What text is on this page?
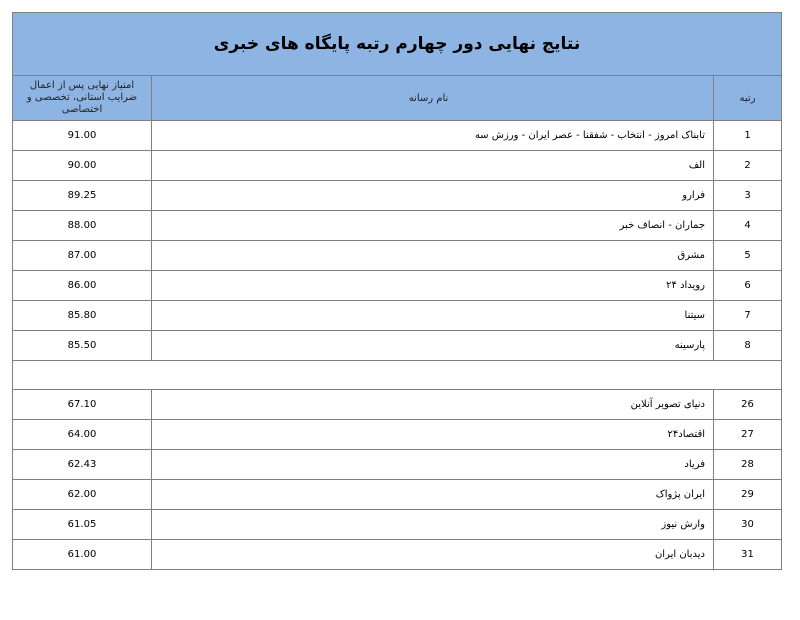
نتایج نهایی دور چهارم رتبه پایگاه های خبری
امتیاز نهایی پس از اعمال ضرایب استانی، تخصصی و اختصاصی	نام رسانه	رتبه
91.00	تابناک امروز - انتخاب - شفقنا - عصر ایران - ورزش سه	1
90.00	الف	2
89.25	فرارو	3
88.00	جماران - انصاف خبر	4
87.00	مشرق	5
86.00	رویداد ۲۴	6
85.80	سیتنا	7
85.50	پارسینه	8
67.10	دنیای تصویر آنلاین	26
64.00	اقتصاد۲۴	27
62.43	فریاد	28
62.00	ایران پژواک	29
61.05	وارش نیوز	30
61.00	دیدبان ایران	31
